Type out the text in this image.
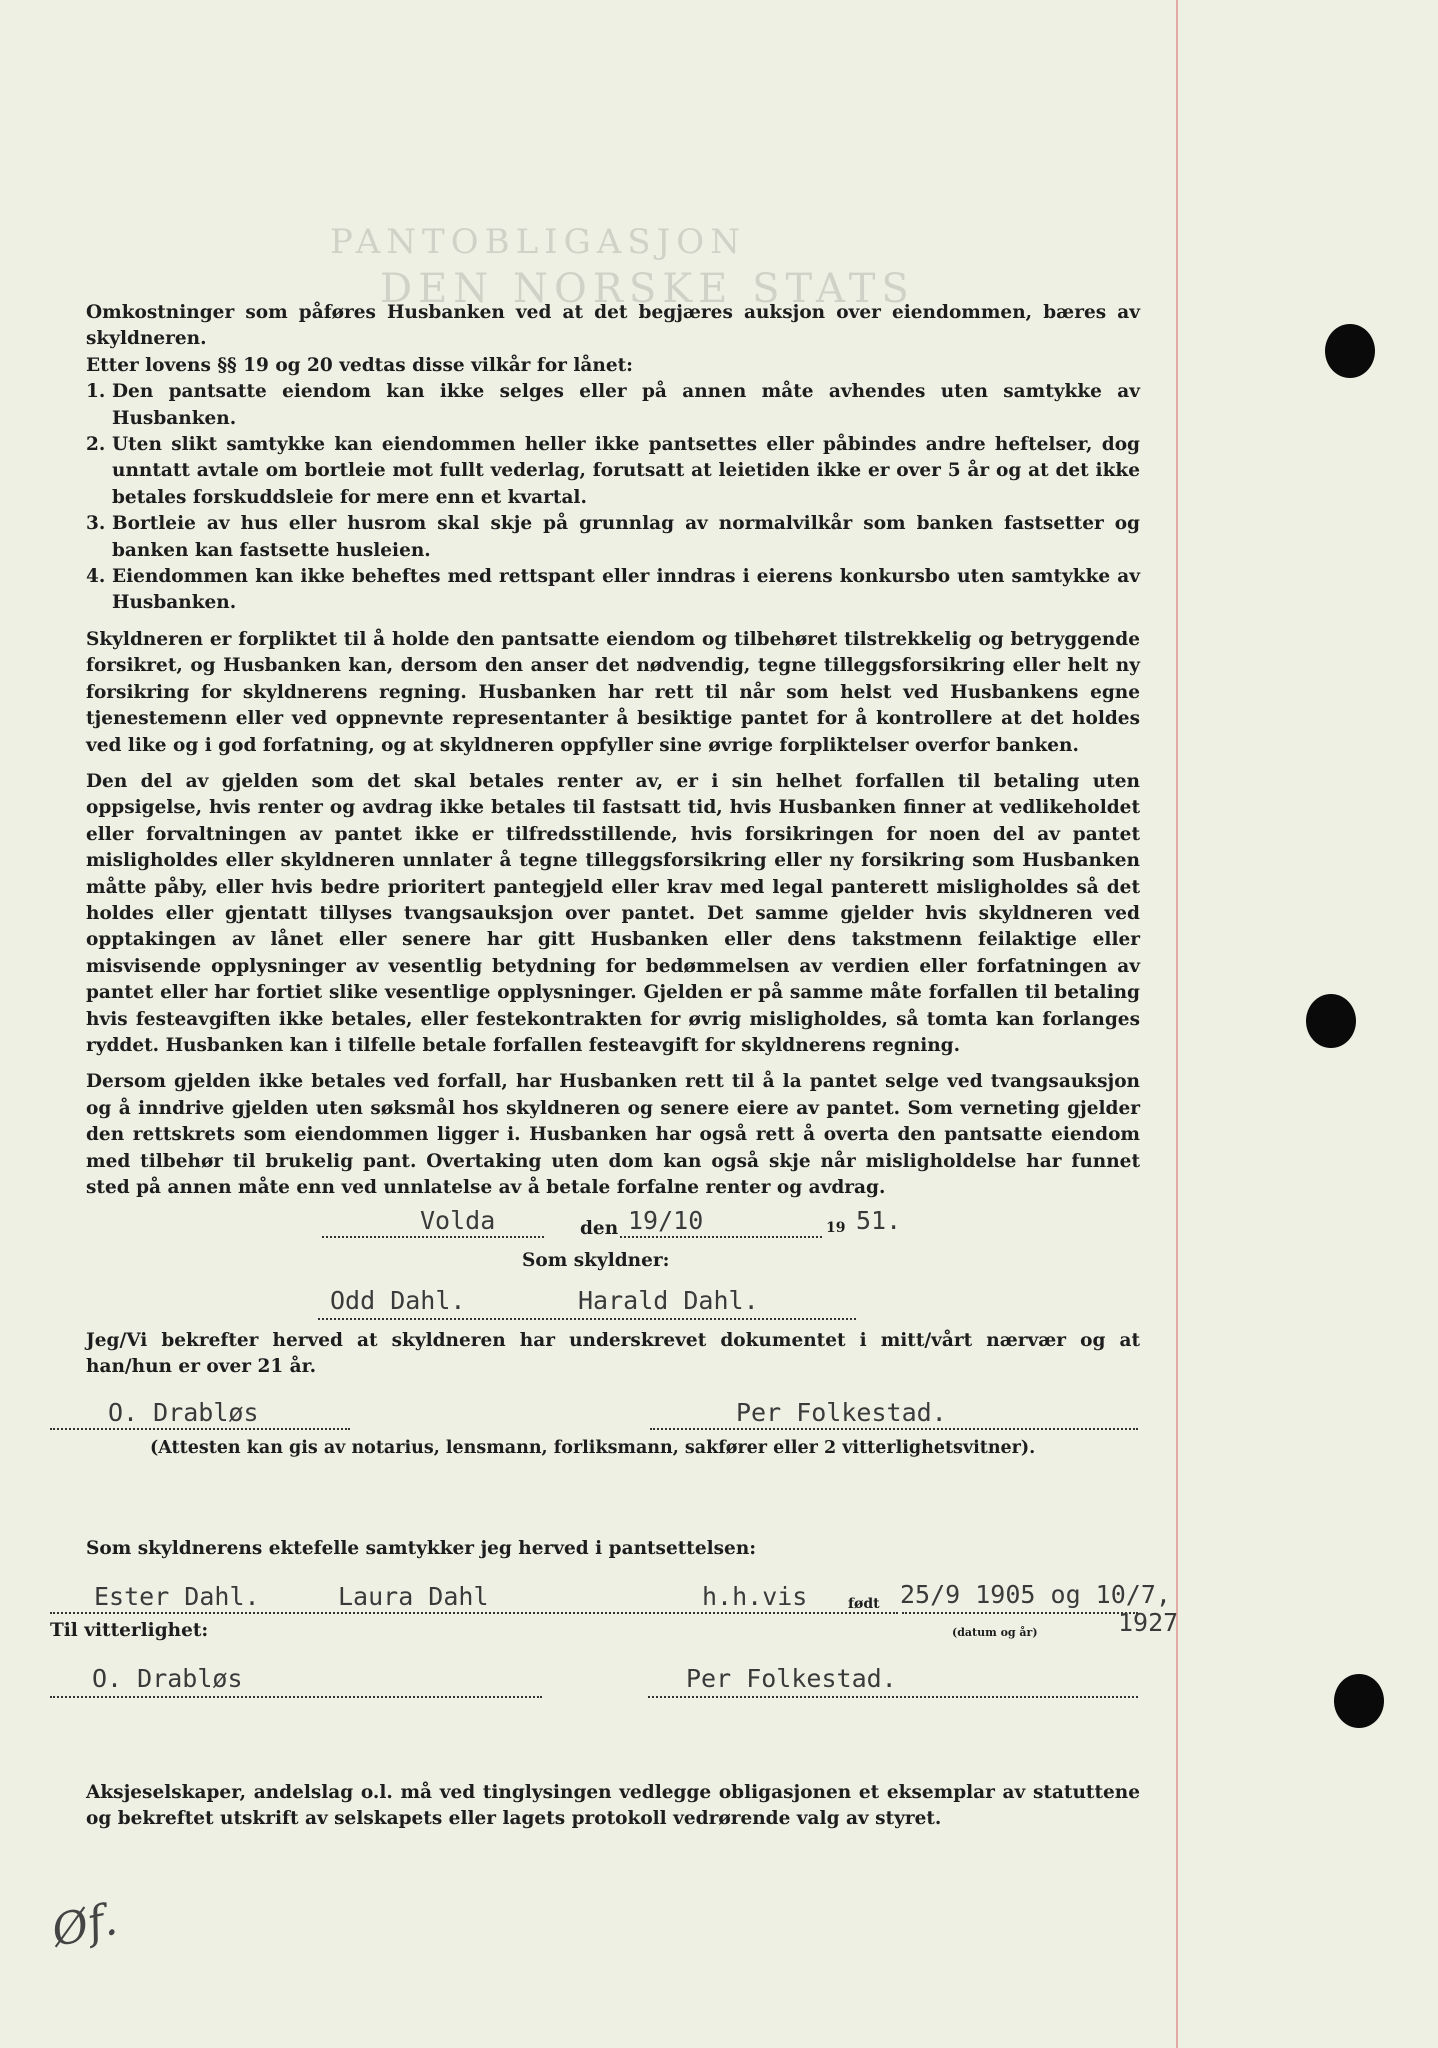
PANTOBLIGASJON
DEN NORSKE STATS

Omkostninger som påføres Husbanken ved at det begjæres auksjon over eiendommen, bæres av skyldneren.

Etter lovens §§ 19 og 20 vedtas disse vilkår for lånet:

1. Den pantsatte eiendom kan ikke selges eller på annen måte avhendes uten samtykke av Husbanken.
2. Uten slikt samtykke kan eiendommen heller ikke pantsettes eller påbindes andre heftelser, dog unntatt avtale om bortleie mot fullt vederlag, forutsatt at leietiden ikke er over 5 år og at det ikke betales forskuddsleie for mere enn et kvartal.
3. Bortleie av hus eller husrom skal skje på grunnlag av normalvilkår som banken fastsetter og banken kan fastsette husleien.
4. Eiendommen kan ikke beheftes med rettspant eller inndras i eierens konkursbo uten samtykke av Husbanken.

Skyldneren er forpliktet til å holde den pantsatte eiendom og tilbehøret tilstrekkelig og betryggende forsikret, og Husbanken kan, dersom den anser det nødvendig, tegne tilleggsforsikring eller helt ny forsikring for skyldnerens regning. Husbanken har rett til når som helst ved Husbankens egne tjenestemenn eller ved oppnevnte representanter å besiktige pantet for å kontrollere at det holdes ved like og i god forfatning, og at skyldneren oppfyller sine øvrige forpliktelser overfor banken.

Den del av gjelden som det skal betales renter av, er i sin helhet forfallen til betaling uten oppsigelse, hvis renter og avdrag ikke betales til fastsatt tid, hvis Husbanken finner at vedlikeholdet eller forvaltningen av pantet ikke er tilfredsstillende, hvis forsikringen for noen del av pantet misligholdes eller skyldneren unnlater å tegne tilleggsforsikring eller ny forsikring som Husbanken måtte påby, eller hvis bedre prioritert pantegjeld eller krav med legal panterett misligholdes så det holdes eller gjentatt tillyses tvangsauksjon over pantet. Det samme gjelder hvis skyldneren ved opptakingen av lånet eller senere har gitt Husbanken eller dens takstmenn feilaktige eller misvisende opplysninger av vesentlig betydning for bedømmelsen av verdien eller forfatningen av pantet eller har fortiet slike vesentlige opplysninger. Gjelden er på samme måte forfallen til betaling hvis festeavgiften ikke betales, eller festekontrakten for øvrig misligholdes, så tomta kan forlanges ryddet. Husbanken kan i tilfelle betale forfallen festeavgift for skyldnerens regning.

Dersom gjelden ikke betales ved forfall, har Husbanken rett til å la pantet selge ved tvangsauksjon og å inndrive gjelden uten søksmål hos skyldneren og senere eiere av pantet. Som verneting gjelder den rettskrets som eiendommen ligger i. Husbanken har også rett å overta den pantsatte eiendom med tilbehør til brukelig pant. Overtaking uten dom kan også skje når misligholdelse har funnet sted på annen måte enn ved unnlatelse av å betale forfalne renter og avdrag.

Volda	den 19/10	19 51.
Som skyldner:
Odd Dahl.	Harald Dahl.
Jeg/Vi bekrefter herved at skyldneren har underskrevet dokumentet i mitt/vårt nærvær og at han/hun er over 21 år.
O. Drabløs	Per Folkestad.
(Attesten kan gis av notarius, lensmann, forliksmann, sakfører eller 2 vitterlighetsvitner).
Som skyldnerens ektefelle samtykker jeg herved i pantsettelsen:
Ester Dahl.	Laura Dahl	h.h.vis	født 25/9 1905 og 10/7,
1927
(datum og år)
Til vitterlighet:
O. Drabløs	Per Folkestad.
Aksjeselskaper, andelslag o.l. må ved tinglysingen vedlegge obligasjonen et eksemplar av statuttene og bekreftet utskrift av selskapets eller lagets protokoll vedrørende valg av styret.
Øf.
